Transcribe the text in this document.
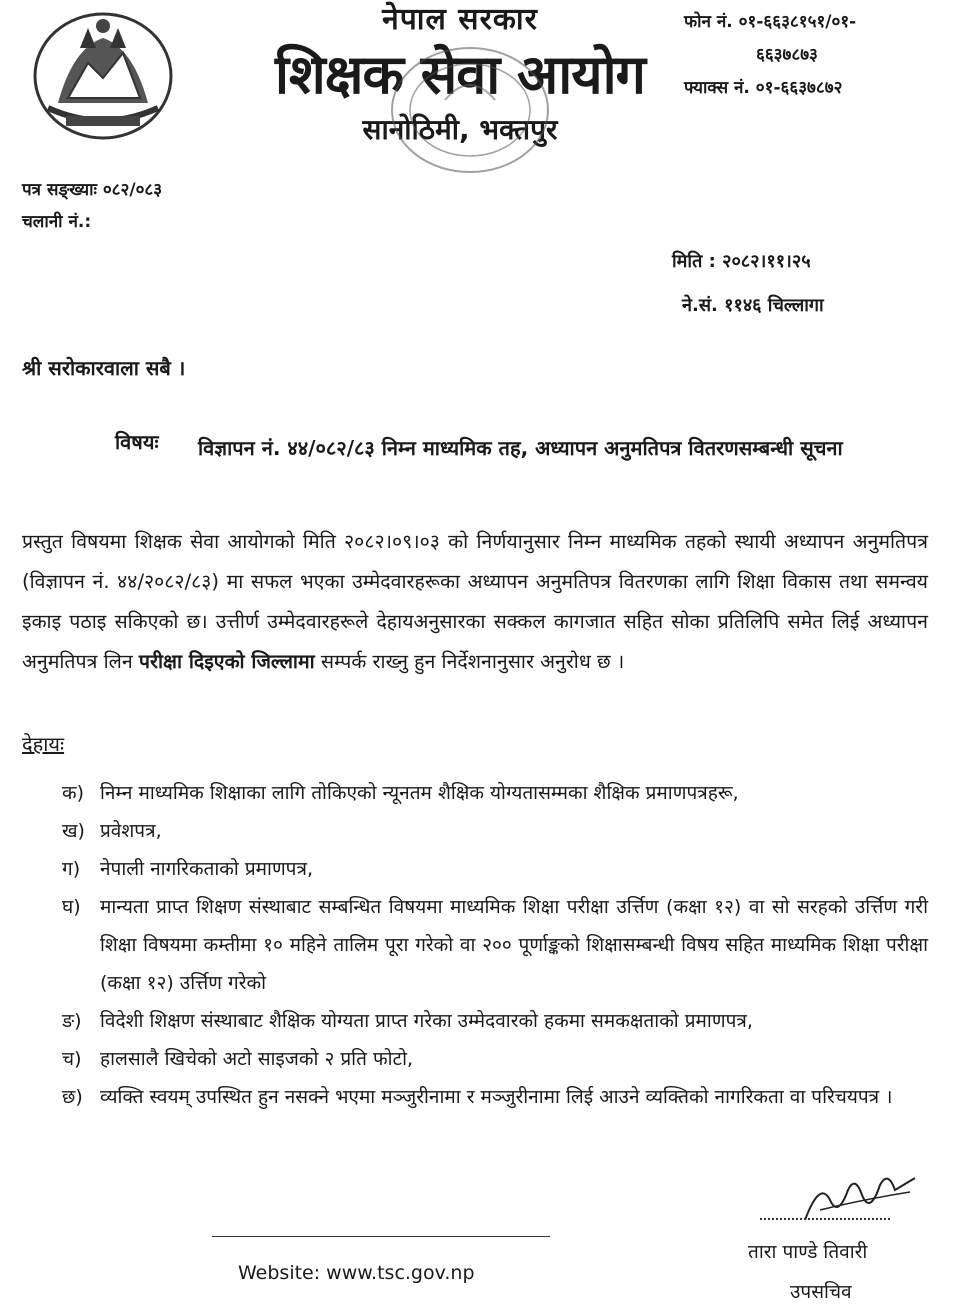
नेपाल सरकार
शिक्षक सेवा आयोग
सानोठिमी, भक्तपुर
फोन नं. ०१-६६३८१५१/०१-
६६३७८७३
फ्याक्स नं. ०१-६६३७८७२
पत्र सङ्ख्याः ०८२/०८३
चलानी नं.:
मिति : २०८२।११।२५
ने.सं. ११४६ चिल्लागा
श्री सरोकारवाला सबै ।
विषयः विज्ञापन नं. ४४/०८२/८३ निम्न माध्यमिक तह, अध्यापन अनुमतिपत्र वितरणसम्बन्धी सूचना
प्रस्तुत विषयमा शिक्षक सेवा आयोगको मिति २०८२।०९।०३ को निर्णयानुसार निम्न माध्यमिक तहको स्थायी अध्यापन अनुमतिपत्र (विज्ञापन नं. ४४/२०८२/८३) मा सफल भएका उम्मेदवारहरूका अध्यापन अनुमतिपत्र वितरणका लागि शिक्षा विकास तथा समन्वय इकाइ पठाइ सकिएको छ। उत्तीर्ण उम्मेदवारहरूले देहायअनुसारका सक्कल कागजात सहित सोका प्रतिलिपि समेत लिई अध्यापन अनुमतिपत्र लिन परीक्षा दिइएको जिल्लामा सम्पर्क राख्नु हुन निर्देशनानुसार अनुरोध छ ।
देहायः
क) निम्न माध्यमिक शिक्षाका लागि तोकिएको न्यूनतम शैक्षिक योग्यतासम्मका शैक्षिक प्रमाणपत्रहरू,
ख) प्रवेशपत्र,
ग)	नेपाली नागरिकताको प्रमाणपत्र,
घ)	मान्यता प्राप्त शिक्षण संस्थाबाट सम्बन्धित विषयमा माध्यमिक शिक्षा परीक्षा उर्त्तिण (कक्षा १२) वा सो सरहको उर्त्तिण गरी शिक्षा विषयमा कम्तीमा १० महिने तालिम पूरा गरेको वा २०० पूर्णाङ्कको शिक्षासम्बन्धी विषय सहित माध्यमिक शिक्षा परीक्षा (कक्षा १२) उर्त्तिण गरेको
ङ) विदेशी शिक्षण संस्थाबाट शैक्षिक योग्यता प्राप्त गरेका उम्मेदवारको हकमा समकक्षताको प्रमाणपत्र,
च) हालसालै खिचेको अटो साइजको २ प्रति फोटो,
छ) व्यक्ति स्वयम् उपस्थित हुन नसक्ने भएमा मञ्जुरीनामा र मञ्जुरीनामा लिई आउने व्यक्तिको नागरिकता वा परिचयपत्र ।
तारा पाण्डे तिवारी
उपसचिव
Website: www.tsc.gov.np
